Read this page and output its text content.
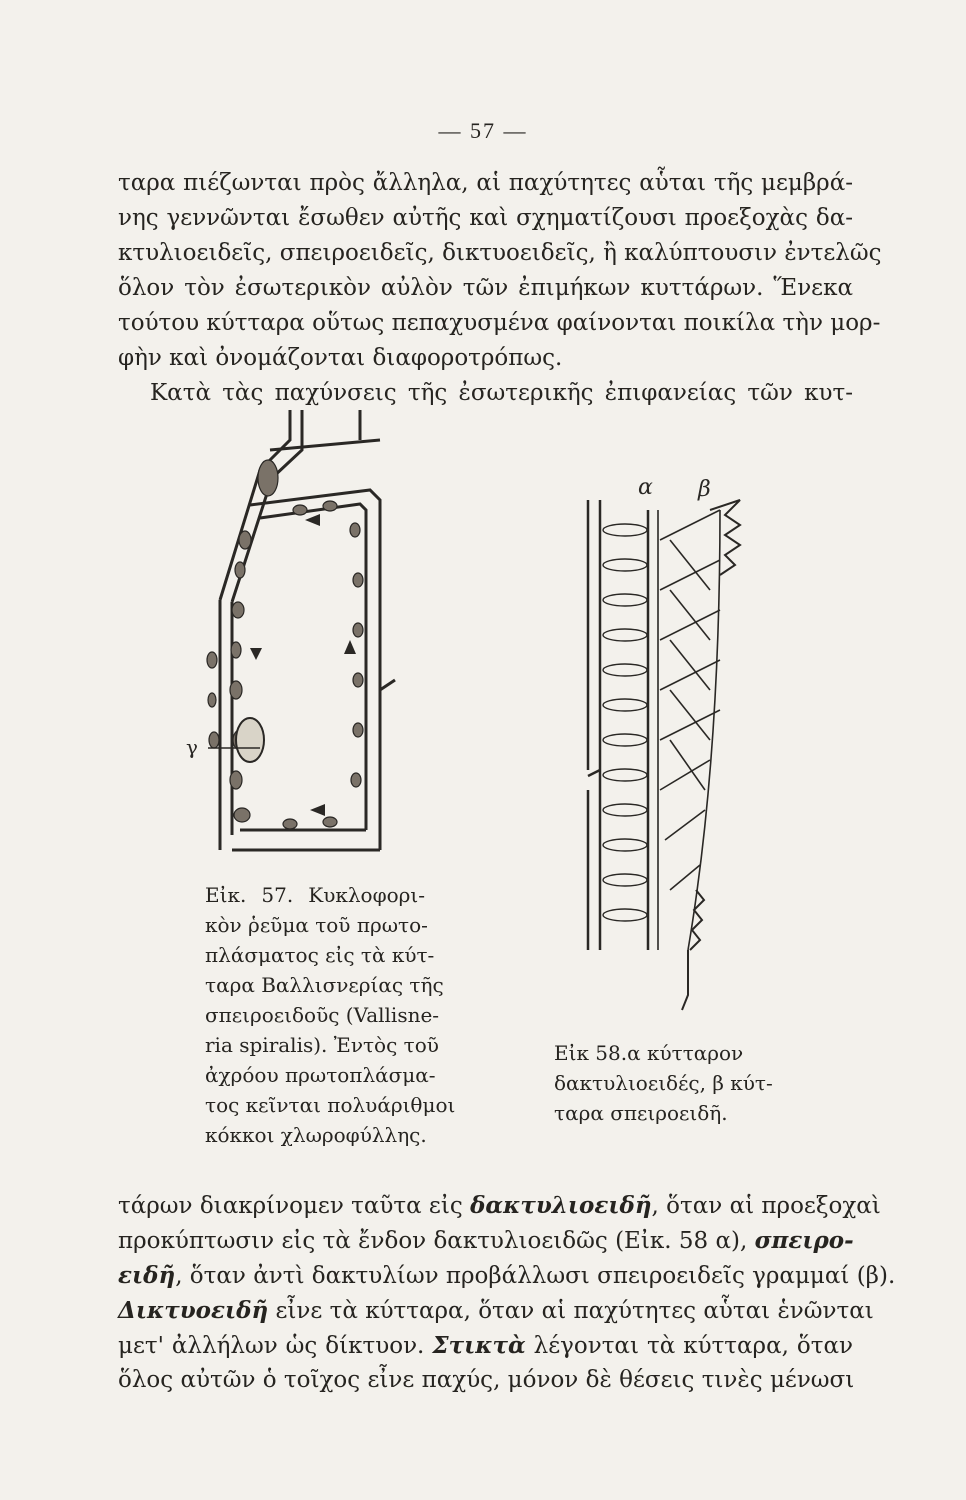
— 57 —
ταρα πιέζωνται πρὸς ἄλληλα, αἱ παχύτητες αὗται τῆς μεμβρά-
νης γεννῶνται ἔσωθεν αὐτῆς καὶ σχηματίζουσι προεξοχὰς δα-
κτυλιοειδεῖς, σπειροειδεῖς, δικτυοειδεῖς, ἢ καλύπτουσιν ἐντελῶς
ὅλον τὸν ἐσωτερικὸν αὐλὸν τῶν ἐπιμήκων κυττάρων. Ἕνεκα
τούτου κύτταρα οὕτως πεπαχυσμένα φαίνονται ποικίλα τὴν μορ-
φὴν καὶ ὀνομάζονται διαφοροτρόπως.
Κατὰ τὰς παχύνσεις τῆς ἐσωτερικῆς ἐπιφανείας τῶν κυτ-
γ
Εἰκ. 57. Κυκλοφορι-
κὸν ῥεῦμα τοῦ πρωτο-
πλάσματος εἰς τὰ κύτ-
ταρα Βαλλισνερίας τῆς
σπειροειδοῦς (Vallisne-
ria spiralis). Ἐντὸς τοῦ
ἀχρόου πρωτοπλάσμα-
τος κεῖνται πολυάριθμοι
κόκκοι χλωροφύλλης.
α β
Εἰκ 58.α κύτταρον
δακτυλιοειδές, β κύτ-
ταρα σπειροειδῆ.
τάρων διακρίνομεν ταῦτα εἰς δακτυλιοειδῆ, ὅταν αἱ προεξοχαὶ
προκύπτωσιν εἰς τὰ ἔνδον δακτυλιοειδῶς (Εἰκ. 58 α), σπειρο-
ειδῆ, ὅταν ἀντὶ δακτυλίων προβάλλωσι σπειροειδεῖς γραμμαί (β).
Δικτυοειδῆ εἶνε τὰ κύτταρα, ὅταν αἱ παχύτητες αὗται ἑνῶνται
μετ' ἀλλήλων ὡς δίκτυον. Στικτὰ λέγονται τὰ κύτταρα, ὅταν
ὅλος αὐτῶν ὁ τοῖχος εἶνε παχύς, μόνον δὲ θέσεις τινὲς μένωσι
